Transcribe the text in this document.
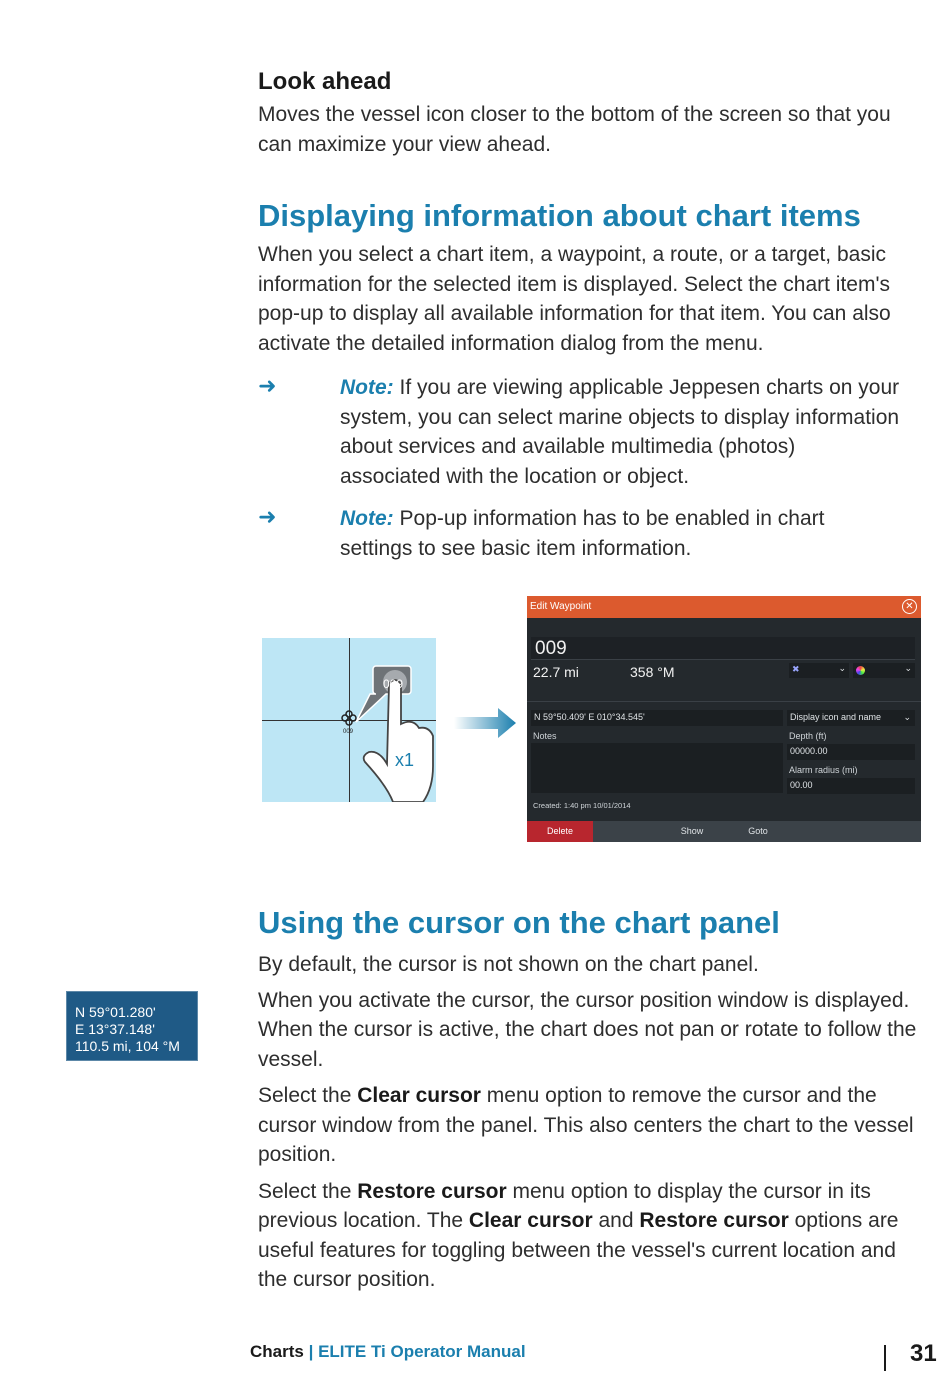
Look ahead

Moves the vessel icon closer to the bottom of the screen so that you can maximize your view ahead.

Displaying information about chart items

When you select a chart item, a waypoint, a route, or a target, basic information for the selected item is displayed. Select the chart item's pop-up to display all available information for that item. You can also activate the detailed information dialog from the menu.

➜	Note: If you are viewing applicable Jeppesen charts on your system, you can select marine objects to display information about services and available multimedia (photos) associated with the location or object.
➜	Note: Pop-up information has to be enabled in chart settings to see basic item information.
009
009
x1
Edit Waypoint	✕
009
22.7 mi	358 °M	✖	⌄	⌄
N 59°50.409' E 010°34.545'	Display icon and name ⌄
Notes	Depth (ft)
00000.00
Alarm radius (mi)
00.00
Created: 1:40 pm 10/01/2014
Delete	Show	Goto

Using the cursor on the chart panel

By default, the cursor is not shown on the chart panel.

When you activate the cursor, the cursor position window is displayed. When the cursor is active, the chart does not pan or rotate to follow the vessel.

Select the Clear cursor menu option to remove the cursor and the cursor window from the panel. This also centers the chart to the vessel position.

Select the Restore cursor menu option to display the cursor in its previous location. The Clear cursor and Restore cursor options are useful features for toggling between the vessel's current location and the cursor position.

N 59°01.280'
E 13°37.148'
110.5 mi, 104 °M
Charts | ELITE Ti Operator Manual	31
